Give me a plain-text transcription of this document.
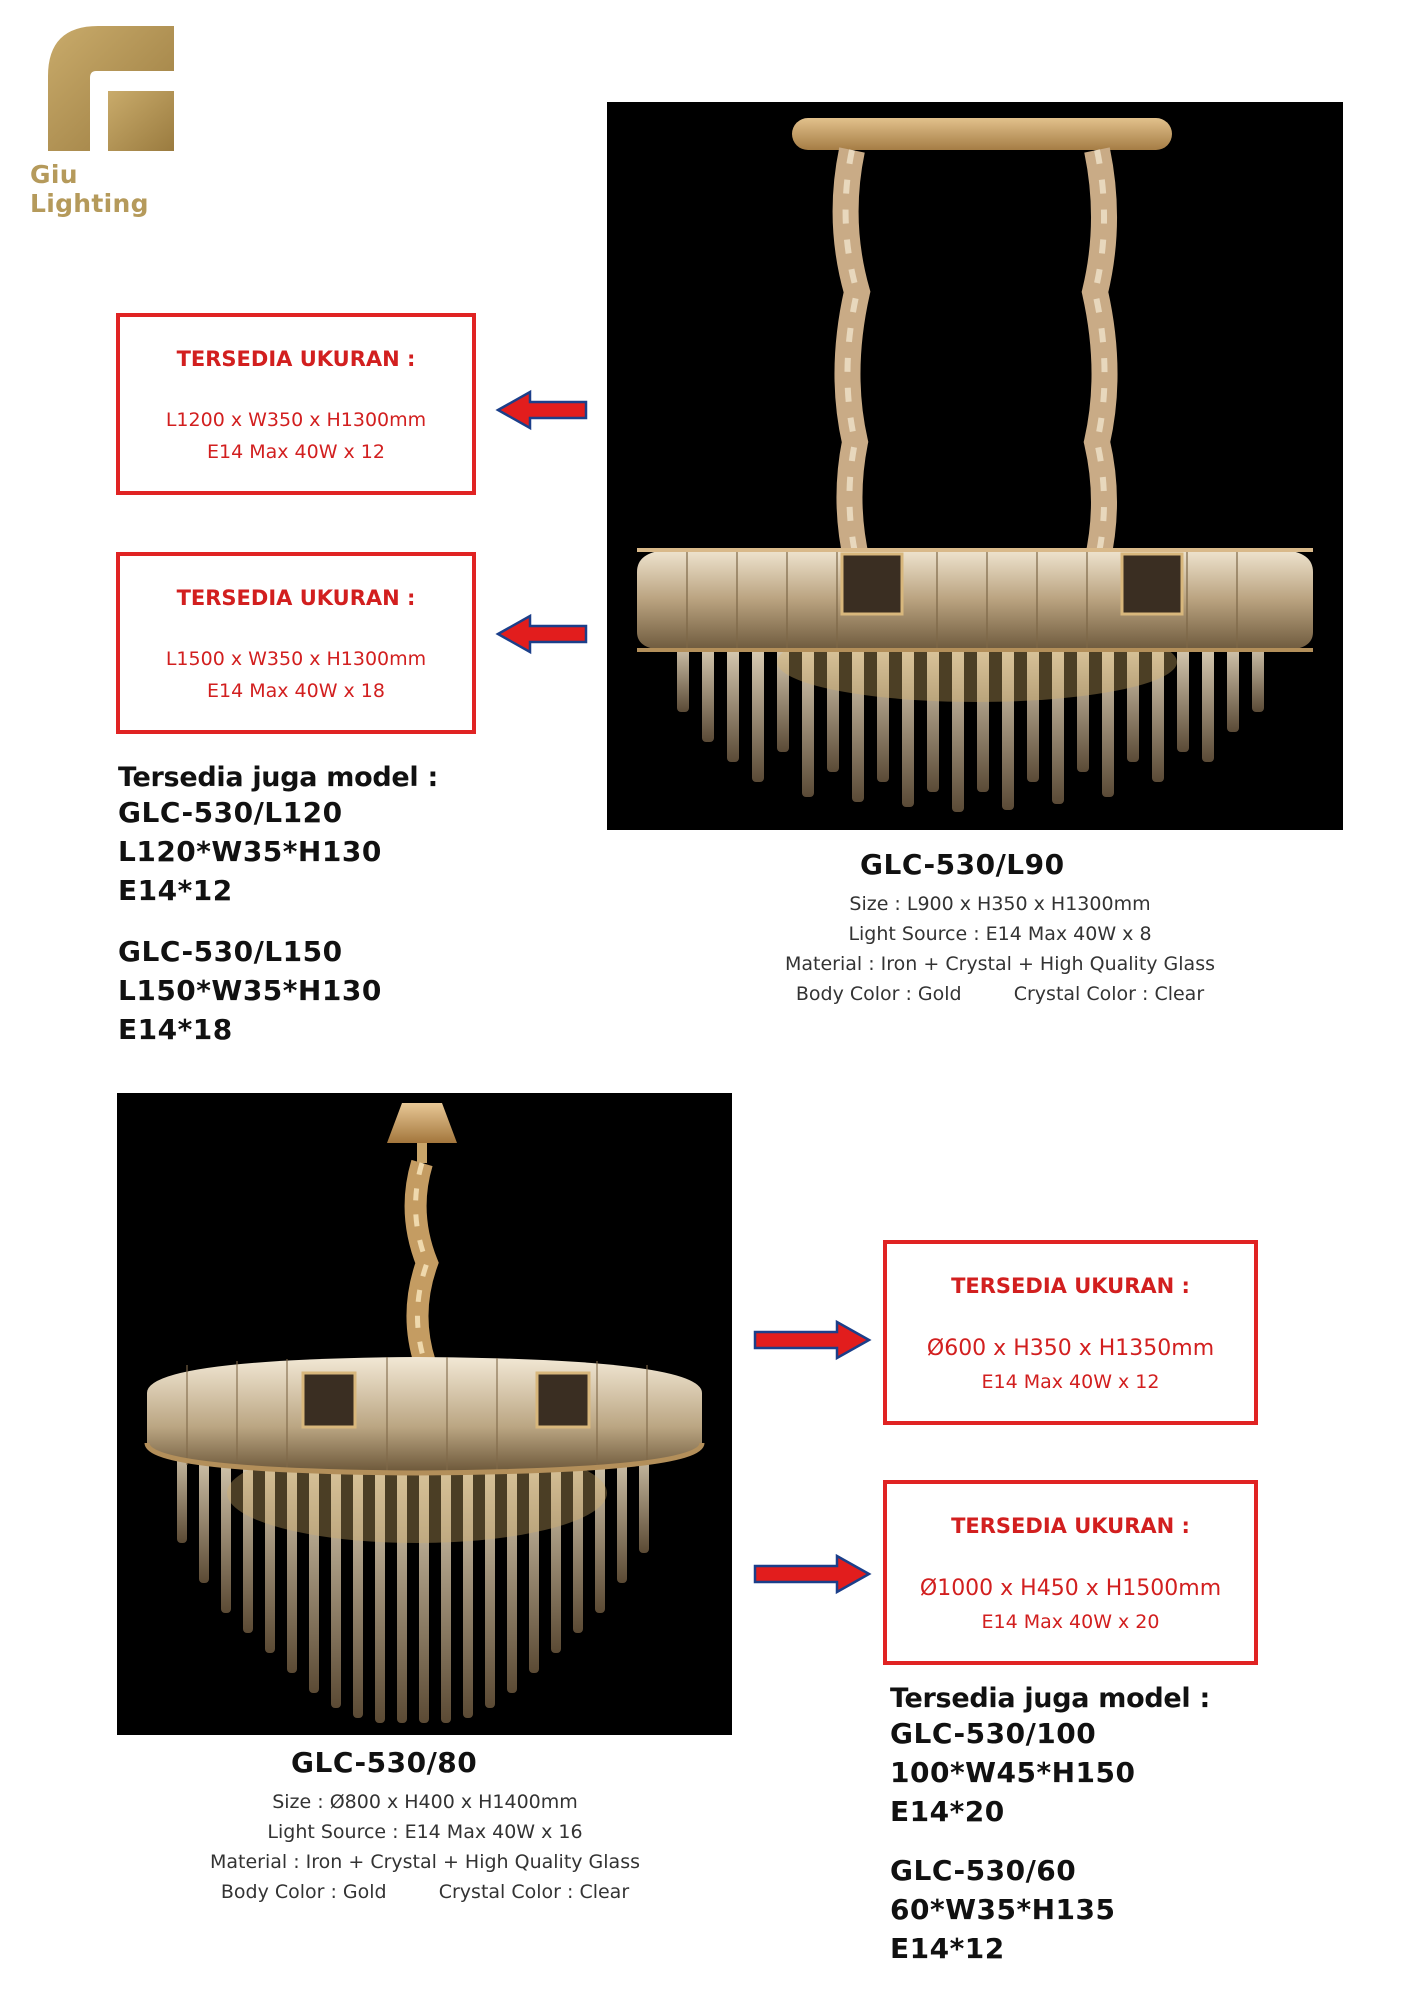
Giu Lighting
TERSEDIA UKURAN :
L1200 x W350 x H1300mm
E14 Max 40W x 12
TERSEDIA UKURAN :
L1500 x W350 x H1300mm
E14 Max 40W x 18
Tersedia juga model :
GLC-530/L120
L120*W35*H130
E14*12
GLC-530/L150
L150*W35*H130
E14*18
GLC-530/L90
Size : L900 x H350 x H1300mm
Light Source : E14 Max 40W x 8
Material : Iron + Crystal + High Quality Glass
Body Color : Gold	Crystal Color : Clear
TERSEDIA UKURAN :
Ø600 x H350 x H1350mm
E14 Max 40W x 12
TERSEDIA UKURAN :
Ø1000 x H450 x H1500mm
E14 Max 40W x 20
GLC-530/80
Size : Ø800 x H400 x H1400mm
Light Source : E14 Max 40W x 16
Material : Iron + Crystal + High Quality Glass
Body Color : Gold	Crystal Color : Clear
Tersedia juga model :
GLC-530/100
100*W45*H150
E14*20
GLC-530/60
60*W35*H135
E14*12
